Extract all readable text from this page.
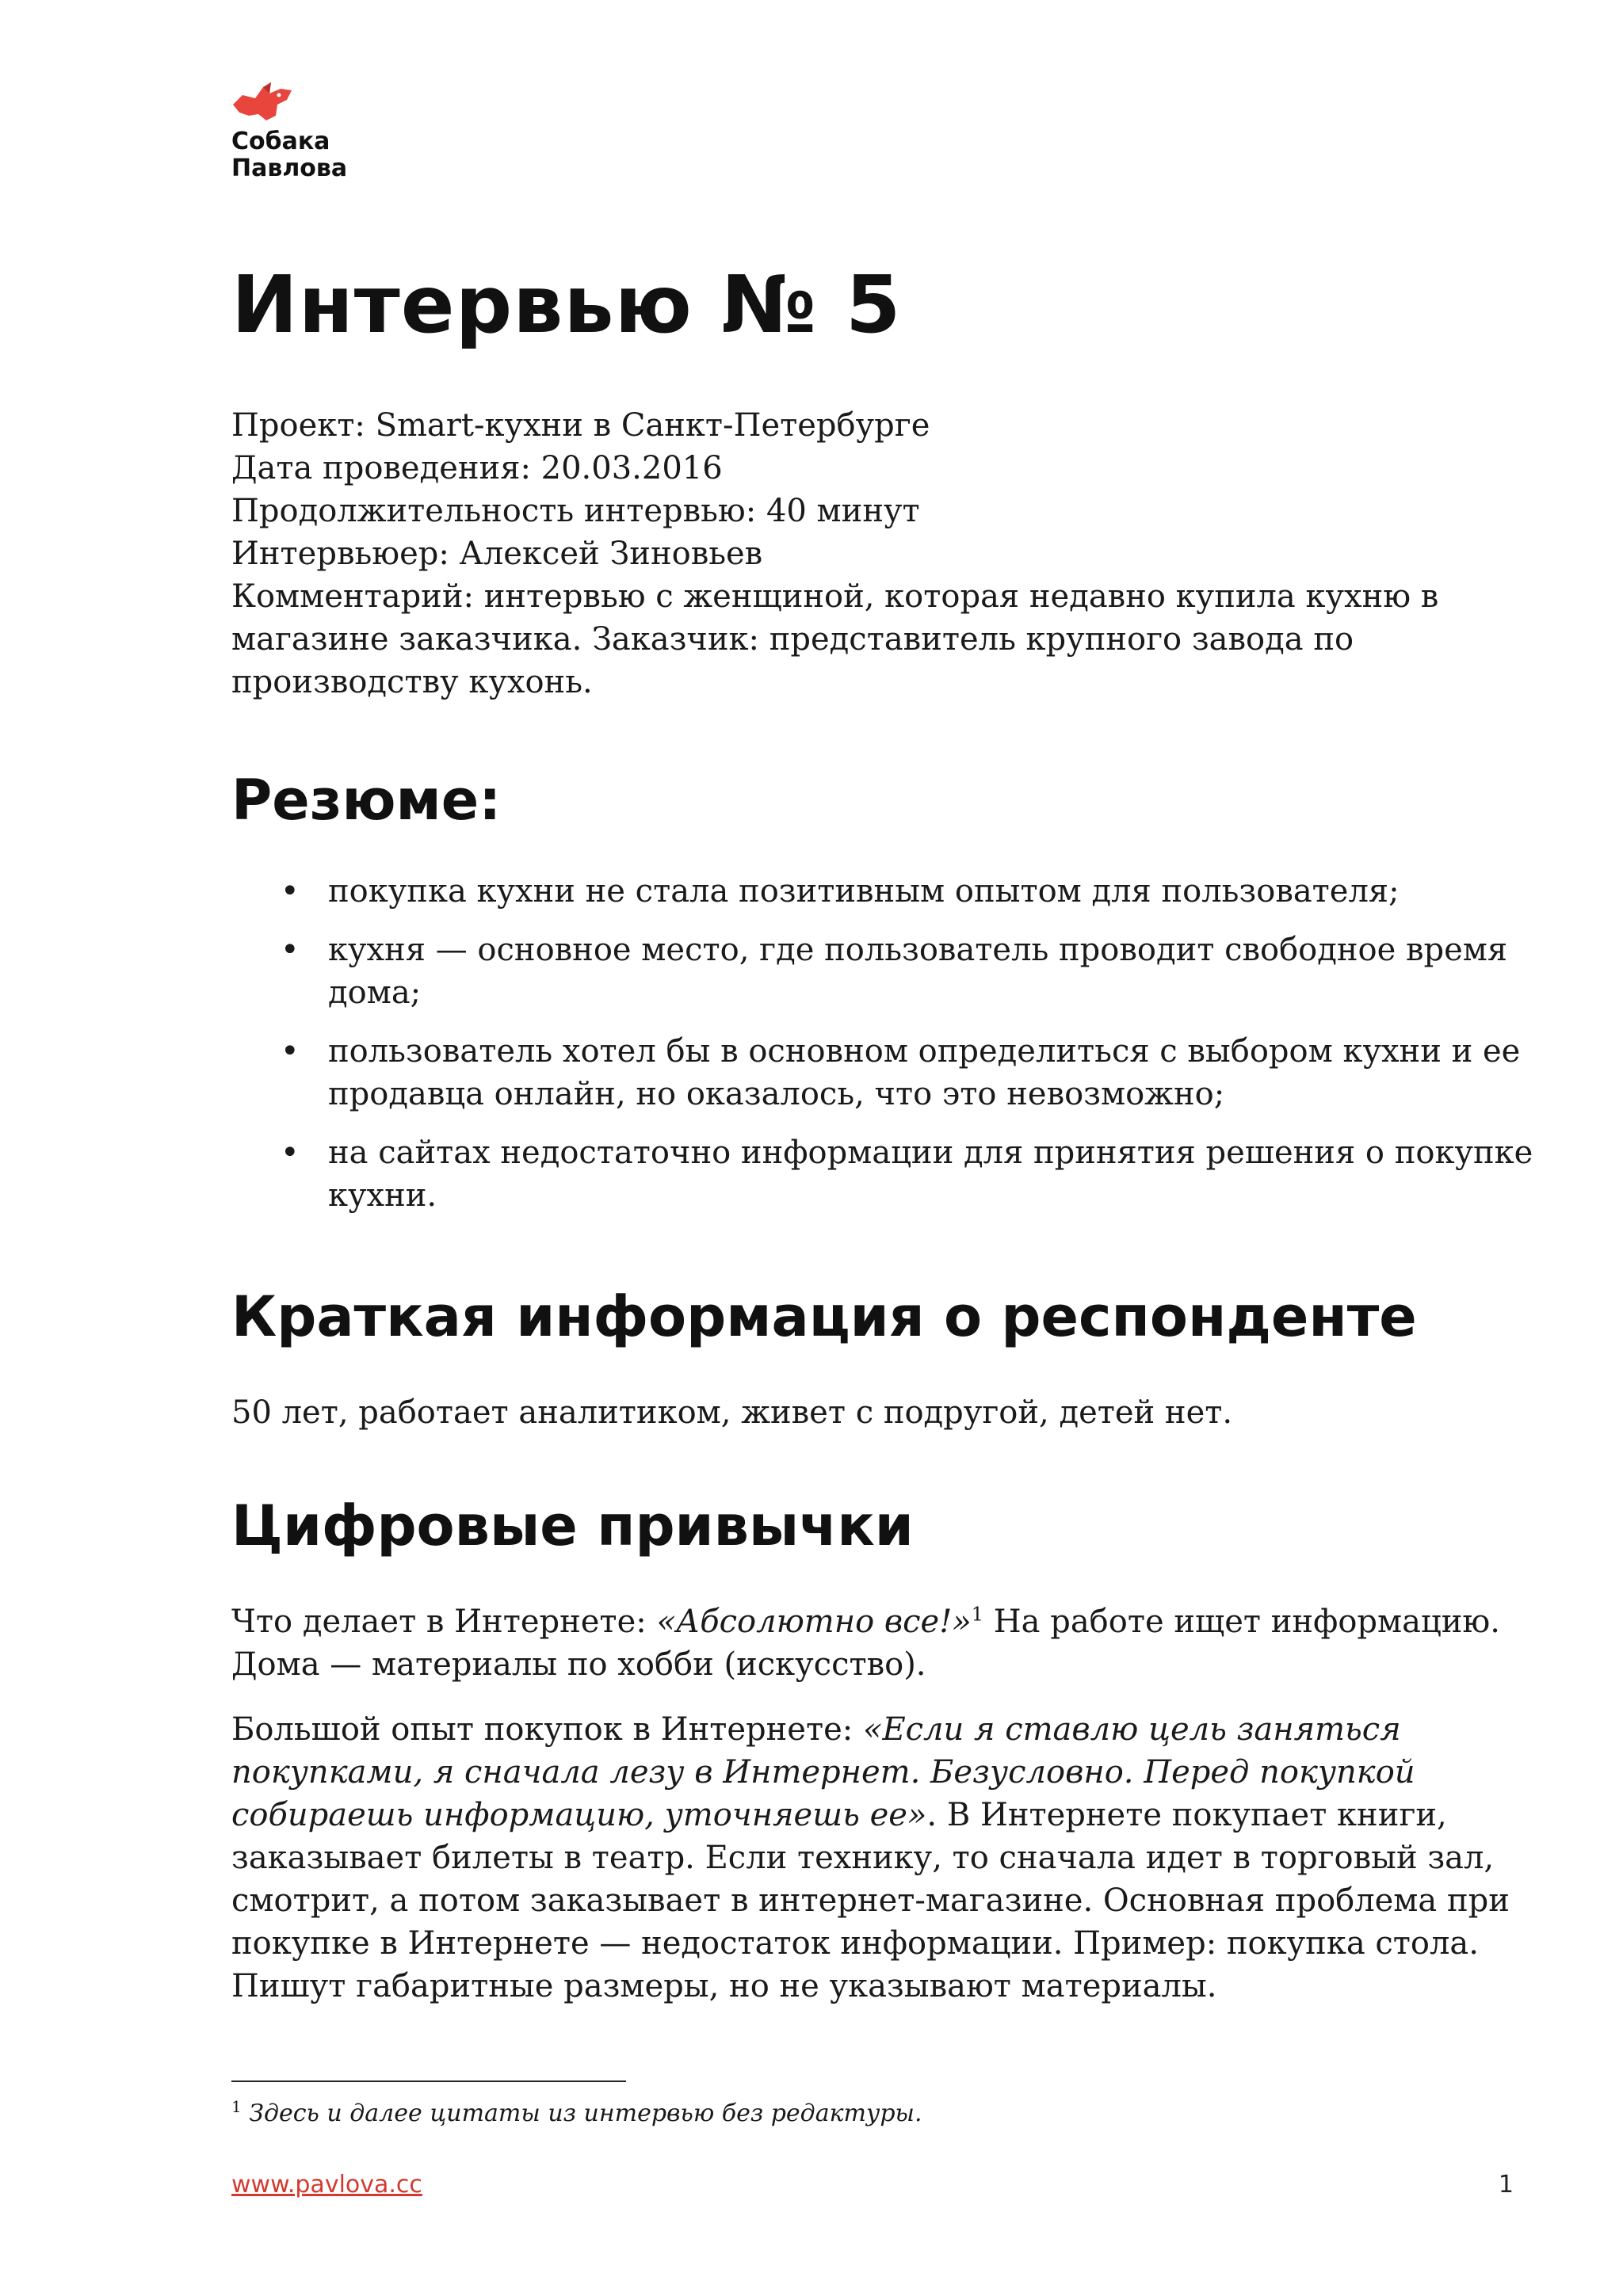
Собака
Павлова
Интервью № 5
Проект: Smart-кухни в Санкт-Петербурге
Дата проведения: 20.03.2016
Продолжительность интервью: 40 минут
Интервьюер: Алексей Зиновьев
Комментарий: интервью с женщиной, которая недавно купила кухню в магазине заказчика. Заказчик: представитель крупного завода по производству кухонь.
Резюме:
• покупка кухни не стала позитивным опытом для пользователя;
• кухня — основное место, где пользователь проводит свободное время дома;
• пользователь хотел бы в основном определиться с выбором кухни и ее продавца онлайн, но оказалось, что это невозможно;
• на сайтах недостаточно информации для принятия решения о покупке кухни.
Краткая информация о респонденте

50 лет, работает аналитиком, живет с подругой, детей нет.

Цифровые привычки

Что делает в Интернете: «Абсолютно все!»$^1$ На работе ищет информацию. Дома — материалы по хобби (искусство).

Большой опыт покупок в Интернете: «Если я ставлю цель заняться покупками, я сначала лезу в Интернет. Безусловно. Перед покупкой собираешь информацию, уточняешь ее». В Интернете покупает книги, заказывает билеты в театр. Если технику, то сначала идет в торговый зал, смотрит, а потом заказывает в интернет-магазине. Основная проблема при покупке в Интернете — недостаток информации. Пример: покупка стола. Пишут габаритные размеры, но не указывают материалы.

$^1$ Здесь и далее цитаты из интервью без редактуры.
www.pavlova.cc	1
